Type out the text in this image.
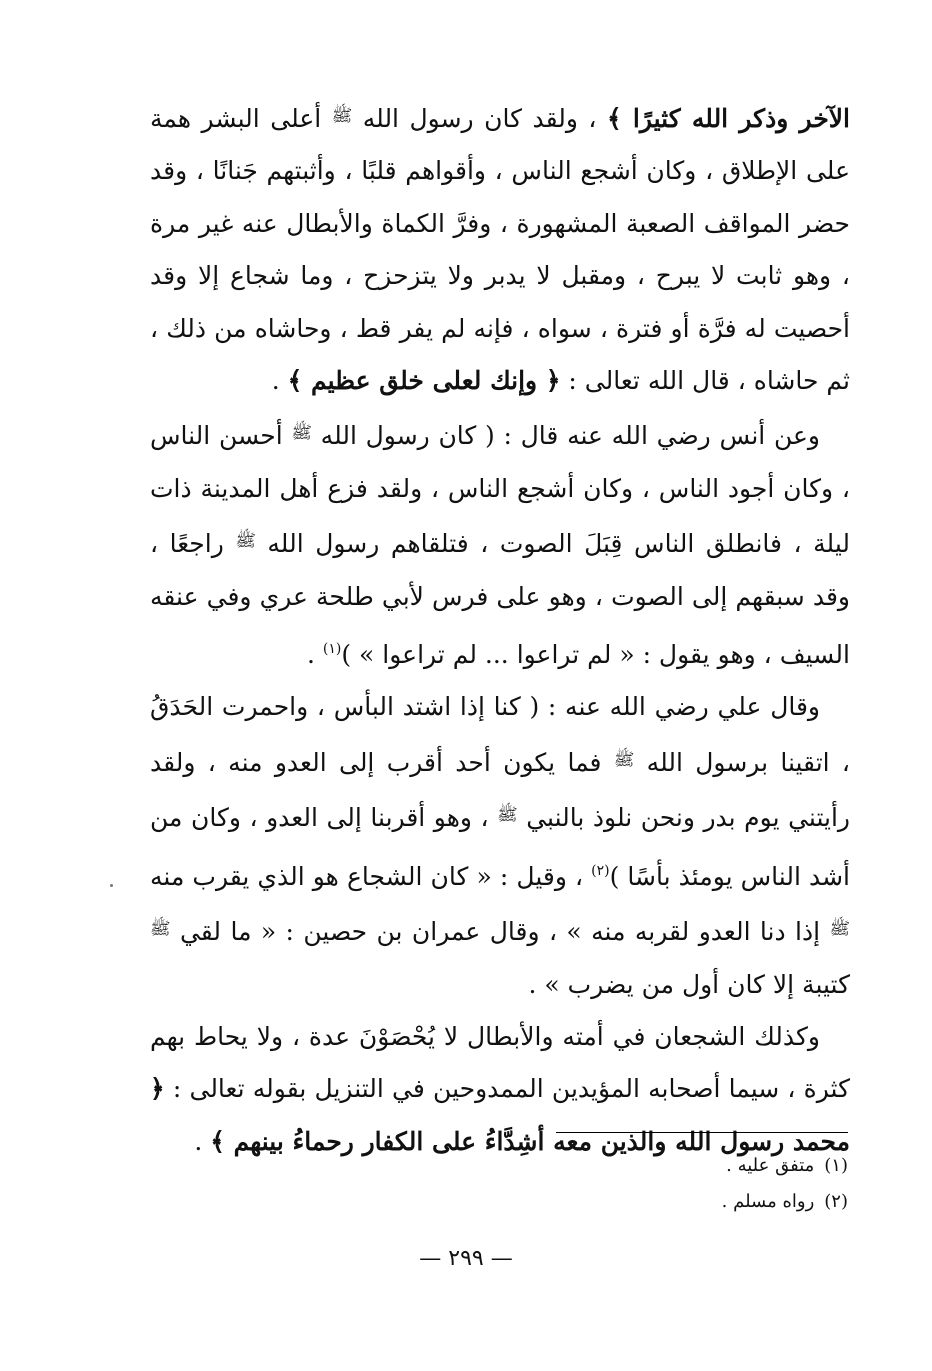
الآخر وذكر الله كثيرًا ﴾ ، ولقد كان رسول الله $^ﷺ$ أعلى البشر همة على الإطلاق ، وكان أشجع الناس ، وأقواهم قلبًا ، وأثبتهم جَنانًا ، وقد حضر المواقف الصعبة المشهورة ، وفرَّ الكماة والأبطال عنه غير مرة ، وهو ثابت لا يبرح ، ومقبل لا يدبر ولا يتزحزح ، وما شجاع إلا وقد أحصيت له فرَّة أو فترة ، سواه ، فإنه لم يفر قط ، وحاشاه من ذلك ، ثم حاشاه ، قال الله تعالى : ﴿ وإنك لعلى خلق عظيم ﴾ .

وعن أنس رضي الله عنه قال : ( كان رسول الله $^ﷺ$ أحسن الناس ، وكان أجود الناس ، وكان أشجع الناس ، ولقد فزع أهل المدينة ذات ليلة ، فانطلق الناس قِبَلَ الصوت ، فتلقاهم رسول الله $^ﷺ$ راجعًا ، وقد سبقهم إلى الصوت ، وهو على فرس لأبي طلحة عري وفي عنقه السيف ، وهو يقول : « لم تراعوا ... لم تراعوا » )$^{(١)}$ .

وقال علي رضي الله عنه : ( كنا إذا اشتد البأس ، واحمرت الحَدَقُ ، اتقينا برسول الله $^ﷺ$ فما يكون أحد أقرب إلى العدو منه ، ولقد رأيتني يوم بدر ونحن نلوذ بالنبي $^ﷺ$ ، وهو أقربنا إلى العدو ، وكان من أشد الناس يومئذ بأسًا )$^{(٢)}$ ، وقيل : « كان الشجاع هو الذي يقرب منه $^ﷺ$ إذا دنا العدو لقربه منه » ، وقال عمران بن حصين : « ما لقي $^ﷺ$ كتيبة إلا كان أول من يضرب » .

وكذلك الشجعان في أمته والأبطال لا يُحْصَوْنَ عدة ، ولا يحاط بهم كثرة ، سيما أصحابه المؤيدين الممدوحين في التنزيل بقوله تعالى : ﴿ محمد رسول الله والذين معه أشِدَّاءُ على الكفار رحماءُ بينهم ﴾ .

(١)متفق عليه .
(٢)رواه مسلم .
— ٢٩٩ —
